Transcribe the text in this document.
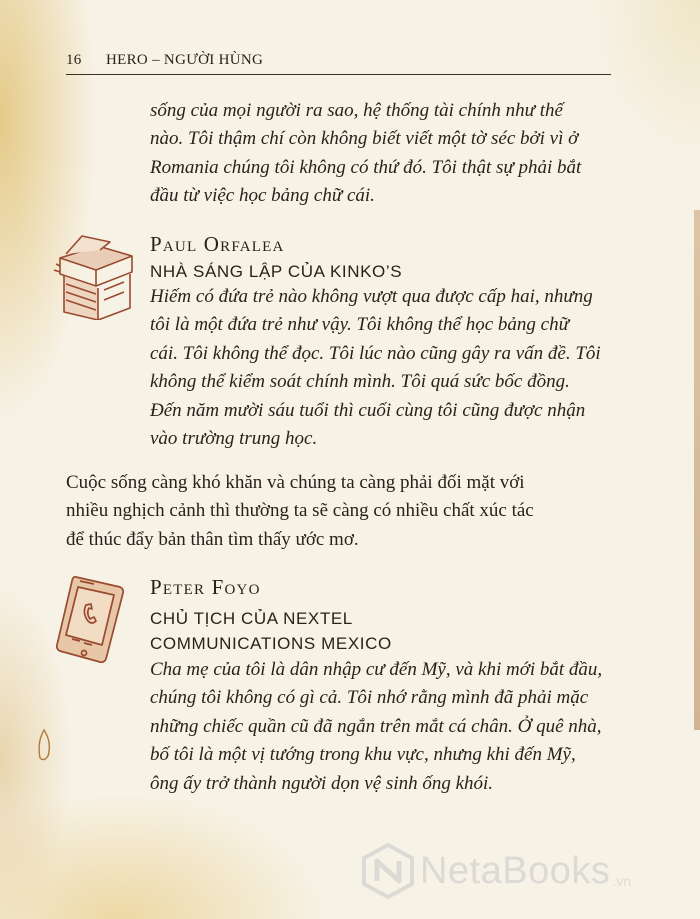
16 HERO – NGƯỜI HÙNG

sống của mọi người ra sao, hệ thống tài chính như thế
nào. Tôi thậm chí còn không biết viết một tờ séc bởi vì ở
Romania chúng tôi không có thứ đó. Tôi thật sự phải bắt
đầu từ việc học bảng chữ cái.

Paul Orfalea
NHÀ SÁNG LẬP CỦA KINKO’S

Hiếm có đứa trẻ nào không vượt qua được cấp hai, nhưng
tôi là một đứa trẻ như vậy. Tôi không thể học bảng chữ
cái. Tôi không thể đọc. Tôi lúc nào cũng gây ra vấn đề. Tôi
không thể kiểm soát chính mình. Tôi quá sức bốc đồng.
Đến năm mười sáu tuổi thì cuối cùng tôi cũng được nhận
vào trường trung học.

Cuộc sống càng khó khăn và chúng ta càng phải đối mặt với
nhiều nghịch cảnh thì thường ta sẽ càng có nhiều chất xúc tác
để thúc đẩy bản thân tìm thấy ước mơ.

Peter Foyo
CHỦ TỊCH CỦA NEXTEL
COMMUNICATIONS MEXICO

Cha mẹ của tôi là dân nhập cư đến Mỹ, và khi mới bắt đầu,
chúng tôi không có gì cả. Tôi nhớ rằng mình đã phải mặc
những chiếc quần cũ đã ngắn trên mắt cá chân. Ở quê nhà,
bố tôi là một vị tướng trong khu vực, nhưng khi đến Mỹ,
ông ấy trở thành người dọn vệ sinh ống khói.

NetaBooks .vn
